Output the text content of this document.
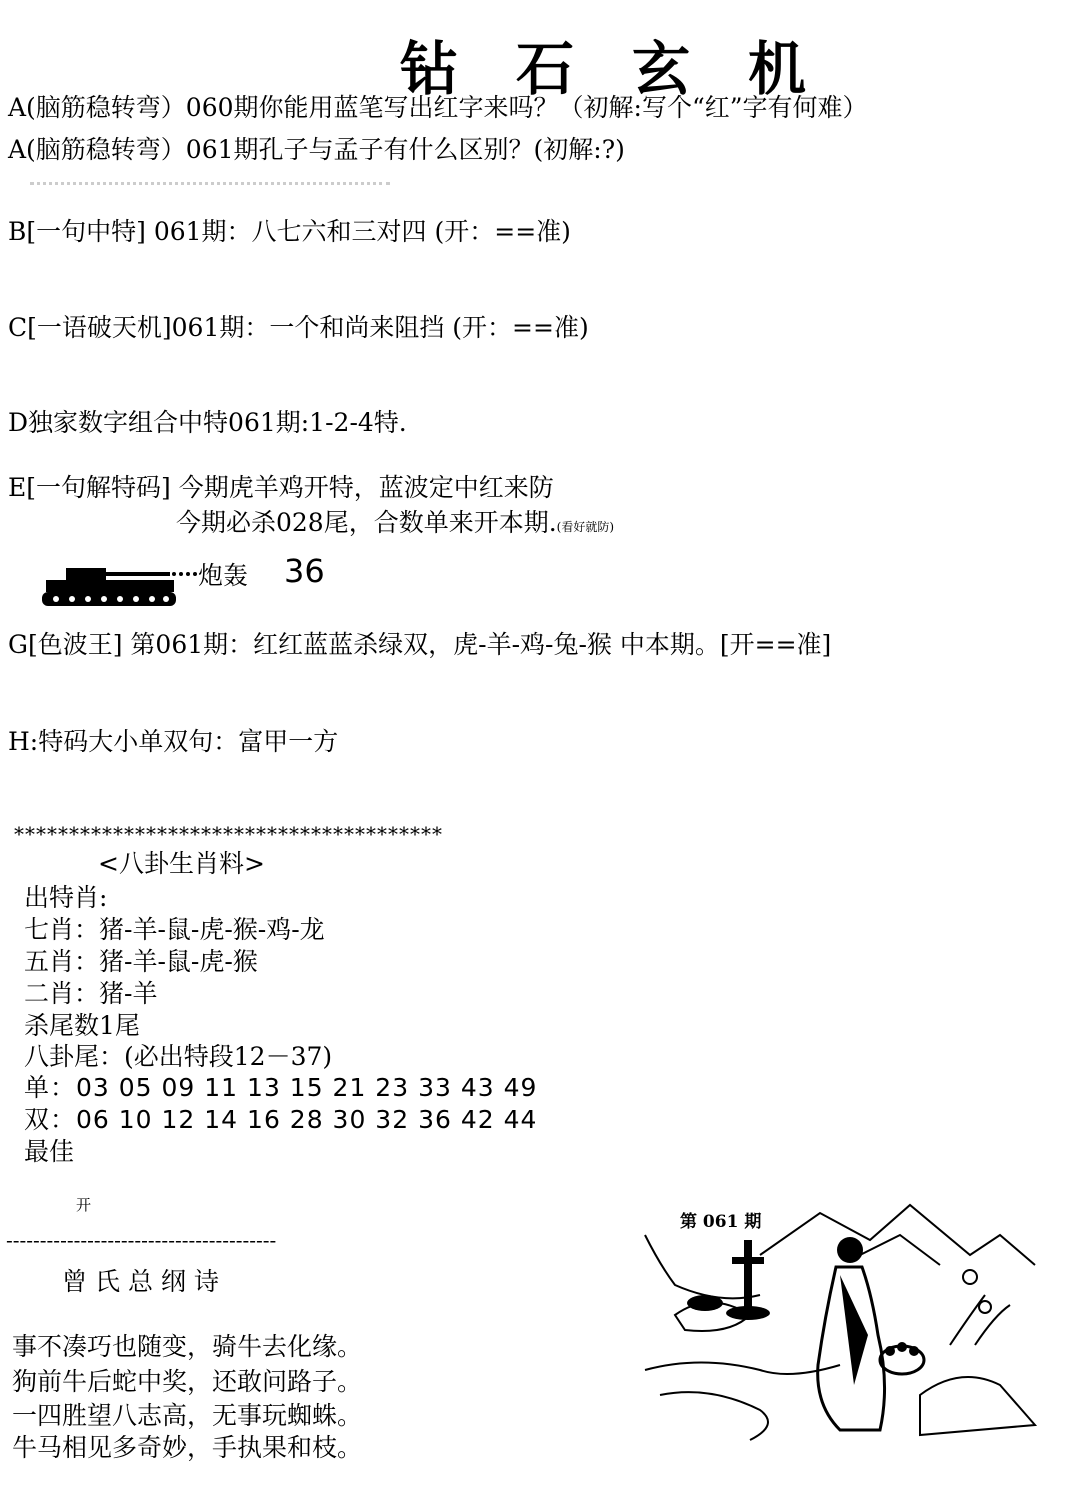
钻石玄机
A(脑筋稳转弯）060期你能用蓝笔写出红字来吗？（初解:写个“红”字有何难）
A(脑筋稳转弯）061期孔子与孟子有什么区别？(初解:?)
B[一句中特] 061期：八七六和三对四 (开：==准)
C[一语破天机]061期：一个和尚来阻挡 (开：==准)
D独家数字组合中特061期:1-2-4特.
E[一句解特码] 今期虎羊鸡开特，蓝波定中红来防
今期必杀028尾，合数单来开本期.(看好就防)
炮轰 36
G[色波王] 第061期：红红蓝蓝杀绿双，虎-羊-鸡-兔-猴 中本期。[开==准]
H:特码大小单双句：富甲一方
***************************************
<八卦生肖料>
出特肖:
七肖：猪-羊-鼠-虎-猴-鸡-龙
五肖：猪-羊-鼠-虎-猴
二肖：猪-羊
杀尾数1尾
八卦尾：(必出特段12－37)
单：03 05 09 11 13 15 21 23 33 43 49
双：06 10 12 14 16 28 30 32 36 42 44
最佳
开
----------------------------------------
曾氏总纲诗
事不凑巧也随变，骑牛去化缘。
狗前牛后蛇中奖，还敢问路子。
一四胜望八志高，无事玩蜘蛛。
牛马相见多奇妙，手执果和枝。
第 061 期
